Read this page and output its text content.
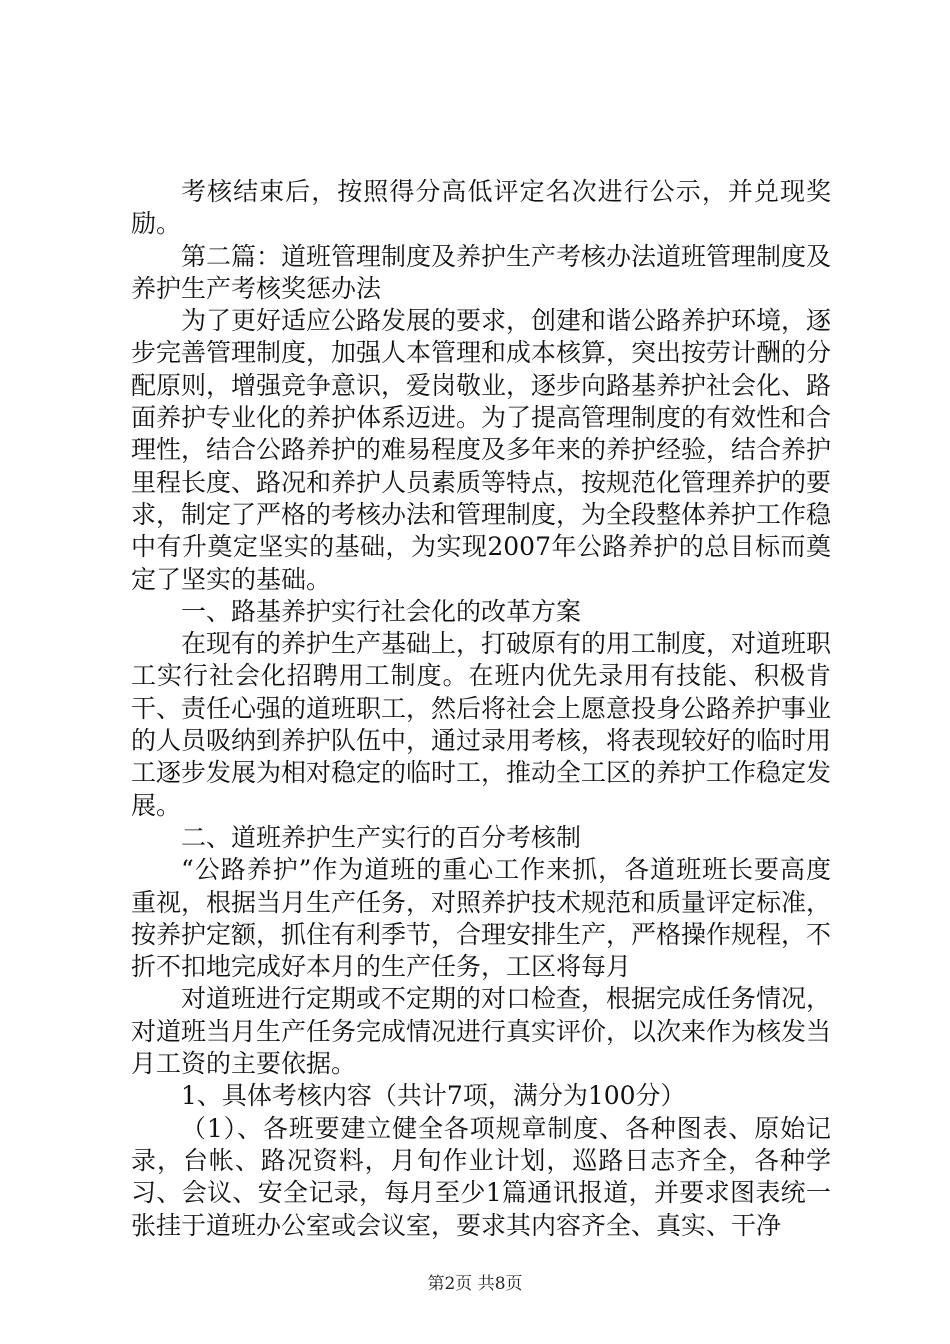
考核结束后，按照得分高低评定名次进行公示，并兑现奖励。

第二篇：道班管理制度及养护生产考核办法道班管理制度及养护生产考核奖惩办法

为了更好适应公路发展的要求，创建和谐公路养护环境，逐步完善管理制度，加强人本管理和成本核算，突出按劳计酬的分配原则，增强竞争意识，爱岗敬业，逐步向路基养护社会化、路面养护专业化的养护体系迈进。为了提高管理制度的有效性和合理性，结合公路养护的难易程度及多年来的养护经验，结合养护里程长度、路况和养护人员素质等特点，按规范化管理养护的要求，制定了严格的考核办法和管理制度，为全段整体养护工作稳中有升奠定坚实的基础，为实现2007年公路养护的总目标而奠定了坚实的基础。

一、路基养护实行社会化的改革方案

在现有的养护生产基础上，打破原有的用工制度，对道班职工实行社会化招聘用工制度。在班内优先录用有技能、积极肯干、责任心强的道班职工，然后将社会上愿意投身公路养护事业的人员吸纳到养护队伍中，通过录用考核，将表现较好的临时用工逐步发展为相对稳定的临时工，推动全工区的养护工作稳定发展。

二、道班养护生产实行的百分考核制

“公路养护”作为道班的重心工作来抓，各道班班长要高度重视，根据当月生产任务，对照养护技术规范和质量评定标准，按养护定额，抓住有利季节，合理安排生产，严格操作规程，不折不扣地完成好本月的生产任务，工区将每月

对道班进行定期或不定期的对口检查，根据完成任务情况，对道班当月生产任务完成情况进行真实评价，以次来作为核发当月工资的主要依据。

1、具体考核内容（共计7项，满分为100分）

（1）、各班要建立健全各项规章制度、各种图表、原始记录，台帐、路况资料，月旬作业计划，巡路日志齐全，各种学习、会议、安全记录，每月至少1篇通讯报道，并要求图表统一张挂于道班办公室或会议室，要求其内容齐全、真实、干净

第2页 共8页
